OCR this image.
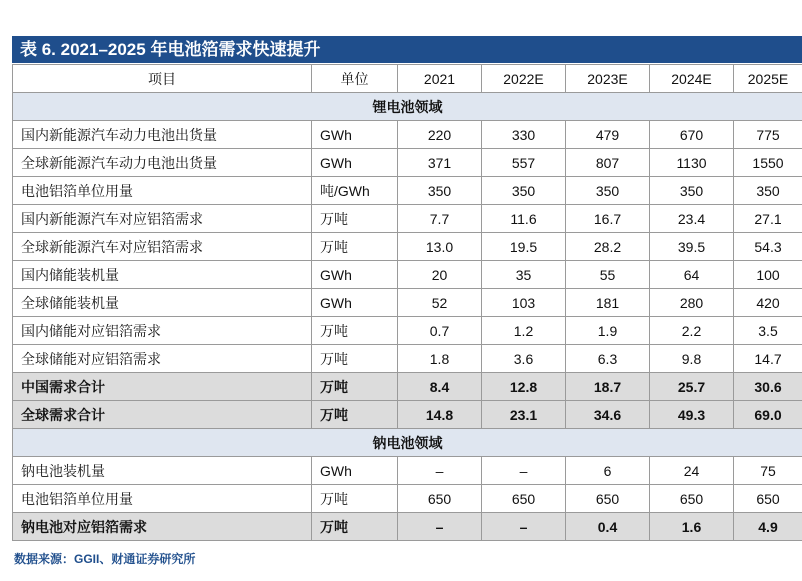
表 6. 2021–2025 年电池箔需求快速提升
项目	单位	2021	2022E	2023E	2024E	2025E
锂电池领域						
国内新能源汽车动力电池出货量	GWh	220	330	479	670	775
全球新能源汽车动力电池出货量	GWh	371	557	807	1130	1550
电池铝箔单位用量	吨/GWh	350	350	350	350	350
国内新能源汽车对应铝箔需求	万吨	7.7	11.6	16.7	23.4	27.1
全球新能源汽车对应铝箔需求	万吨	13.0	19.5	28.2	39.5	54.3
国内储能装机量	GWh	20	35	55	64	100
全球储能装机量	GWh	52	103	181	280	420
国内储能对应铝箔需求	万吨	0.7	1.2	1.9	2.2	3.5
全球储能对应铝箔需求	万吨	1.8	3.6	6.3	9.8	14.7
中国需求合计	万吨	8.4	12.8	18.7	25.7	30.6
全球需求合计	万吨	14.8	23.1	34.6	49.3	69.0
钠电池领域						
钠电池装机量	GWh	–	–	6	24	75
电池铝箔单位用量	万吨	650	650	650	650	650
钠电池对应铝箔需求	万吨	–	–	0.4	1.6	4.9
数据来源：GGII、财通证券研究所
